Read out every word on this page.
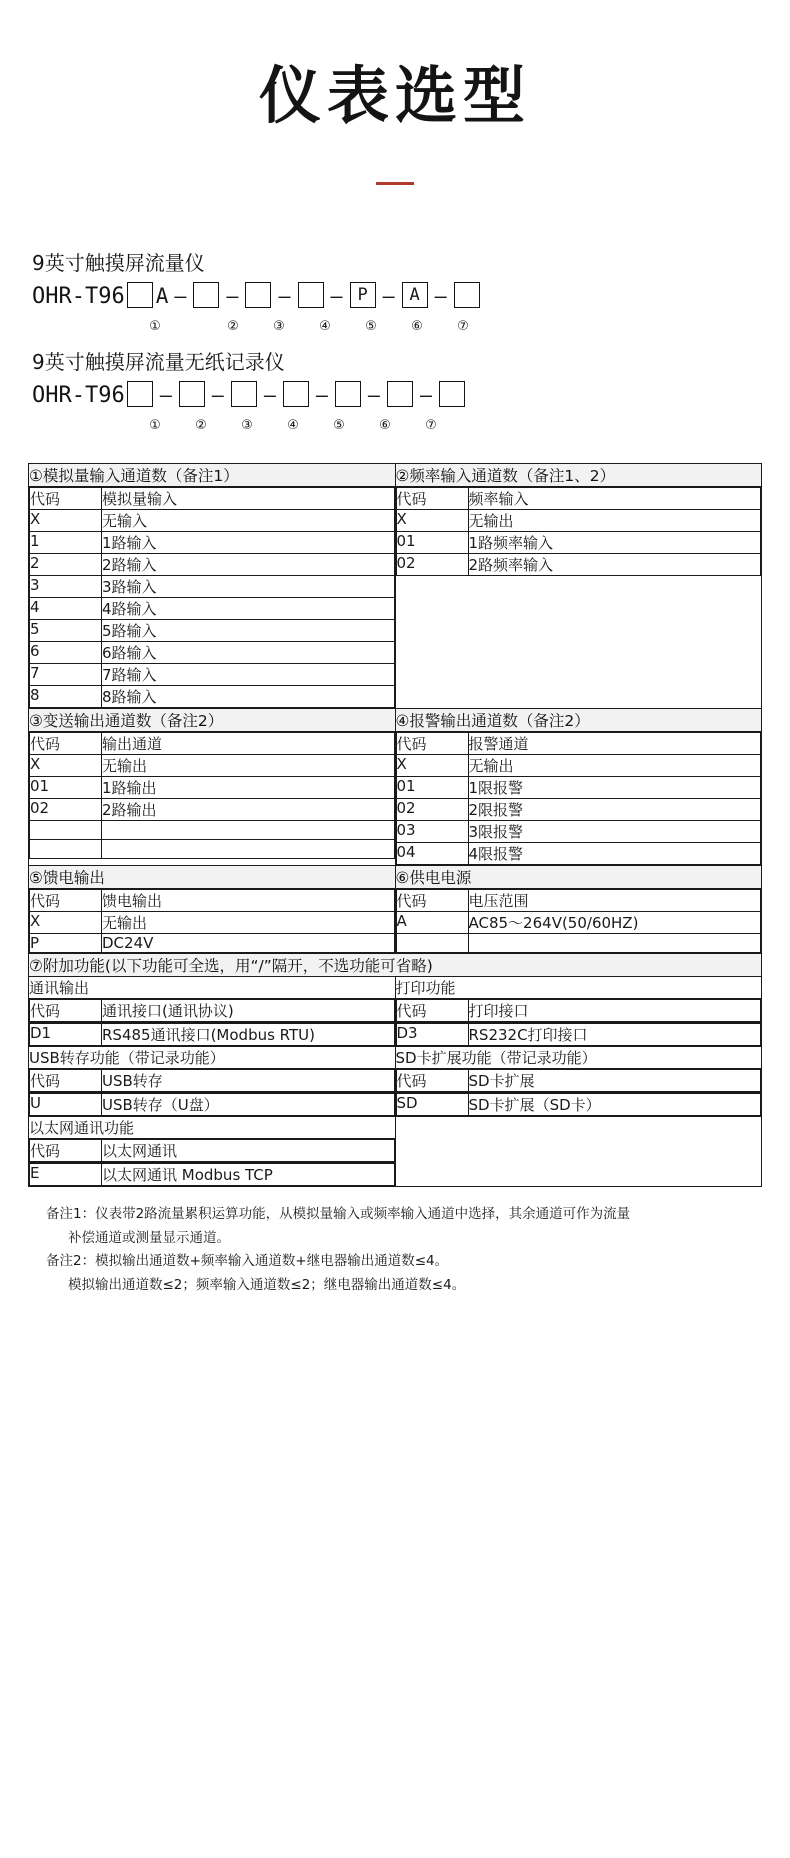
仪表选型
9英寸触摸屏流量仪
OHR-T96 A – – – – P – A –
①	②	③	④	⑤	⑥	⑦
9英寸触摸屏流量无纸记录仪
OHR-T96 – – – – – –
①	②	③	④	⑤	⑥	⑦
①模拟量输入通道数（备注1）	②频率输入通道数（备注1、2）

代码	模拟量输入
X	无输入
1	1路输入
2	2路输入
3	3路输入
4	4路输入
5	5路输入
6	6路输入
7	7路输入
8	8路输入

代码	频率输入
X	无输出
01	1路频率输入
02	2路频率输入

③变送输出通道数（备注2）	④报警输出通道数（备注2）

代码	输出通道
X	无输出
01	1路输出
02	2路输出

代码	报警通道
X	无输出
01	1限报警
02	2限报警
03	3限报警
04	4限报警

⑤馈电输出	⑥供电电源

代码	馈电输出
X	无输出
P	DC24V

代码	电压范围
A	AC85～264V(50/60HZ)

⑦附加功能(以下功能可全选，用“/”隔开，不选功能可省略)
通讯输出	打印功能

代码	通讯接口(通讯协议)
		代码	打印接口

D1	RS485通讯接口(Modbus RTU)
		D3	RS232C打印接口

USB转存功能（带记录功能）	SD卡扩展功能（带记录功能）

代码	USB转存
		代码	SD卡扩展

U	USB转存（U盘）
		SD	SD卡扩展（SD卡）

以太网通讯功能	

代码	以太网通讯

E	以太网通讯 Modbus TCP

备注1：仪表带2路流量累积运算功能，从模拟量输入或频率输入通道中选择，其余通道可作为流量
补偿通道或测量显示通道。
备注2：模拟输出通道数+频率输入通道数+继电器输出通道数≤4。
模拟输出通道数≤2；频率输入通道数≤2；继电器输出通道数≤4。
